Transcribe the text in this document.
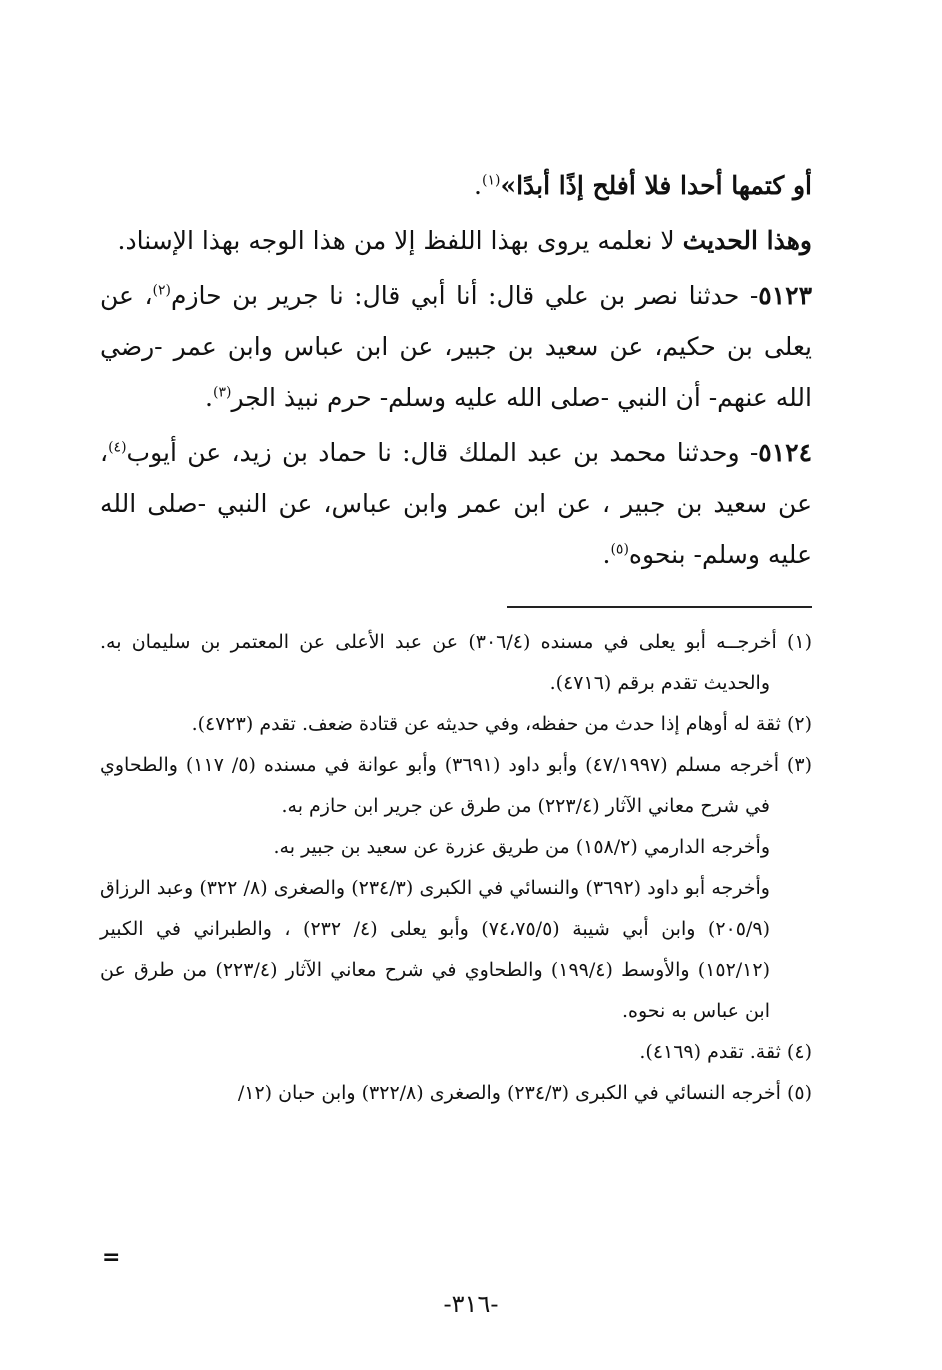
أو كتمها أحدا فلا أفلح إذًا أبدًا»$^{(١)}$.

وهذا الحديث لا نعلمه يروى بهذا اللفظ إلا من هذا الوجه بهذا الإسناد.

٥١٢٣- حدثنا نصر بن علي قال: أنا أبي قال: نا جرير بن حازم$^{(٢)}$، عن يعلى بن حكيم، عن سعيد بن جبير، عن ابن عباس وابن عمر -رضي الله عنهم- أن النبي -صلى الله عليه وسلم- حرم نبيذ الجر$^{(٣)}$.

٥١٢٤- وحدثنا محمد بن عبد الملك قال: نا حماد بن زيد، عن أيوب$^{(٤)}$، عن سعيد بن جبير ، عن ابن عمر وابن عباس، عن النبي -صلى الله عليه وسلم- بنحوه$^{(٥)}$.

(١) أخرجــه أبو يعلى في مسنده (٣٠٦/٤) عن عبد الأعلى عن المعتمر بن سليمان به. والحديث تقدم برقم (٤٧١٦).

(٢) ثقة له أوهام إذا حدث من حفظه، وفي حديثه عن قتادة ضعف. تقدم (٤٧٢٣).

(٣) أخرجه مسلم (٤٧/١٩٩٧) وأبو داود (٣٦٩١) وأبو عوانة في مسنده (٥/ ١١٧) والطحاوي في شرح معاني الآثار (٢٢٣/٤) من طرق عن جرير ابن حازم به.

وأخرجه الدارمي (١٥٨/٢) من طريق عزرة عن سعيد بن جبير به.

وأخرجه أبو داود (٣٦٩٢) والنسائي في الكبرى (٢٣٤/٣) والصغرى (٨/ ٣٢٢) وعبد الرزاق (٢٠٥/٩) وابن أبي شيبة (٧٤،٧٥/٥) وأبو يعلى (٤/ ٢٣٢) ، والطبراني في الكبير (١٥٢/١٢) والأوسط (١٩٩/٤) والطحاوي في شرح معاني الآثار (٢٢٣/٤) من طرق عن ابن عباس به نحوه.

(٤) ثقة. تقدم (٤١٦٩).

(٥) أخرجه النسائي في الكبرى (٢٣٤/٣) والصغرى (٣٢٢/٨) وابن حبان (١٢/

=
-٣١٦-
